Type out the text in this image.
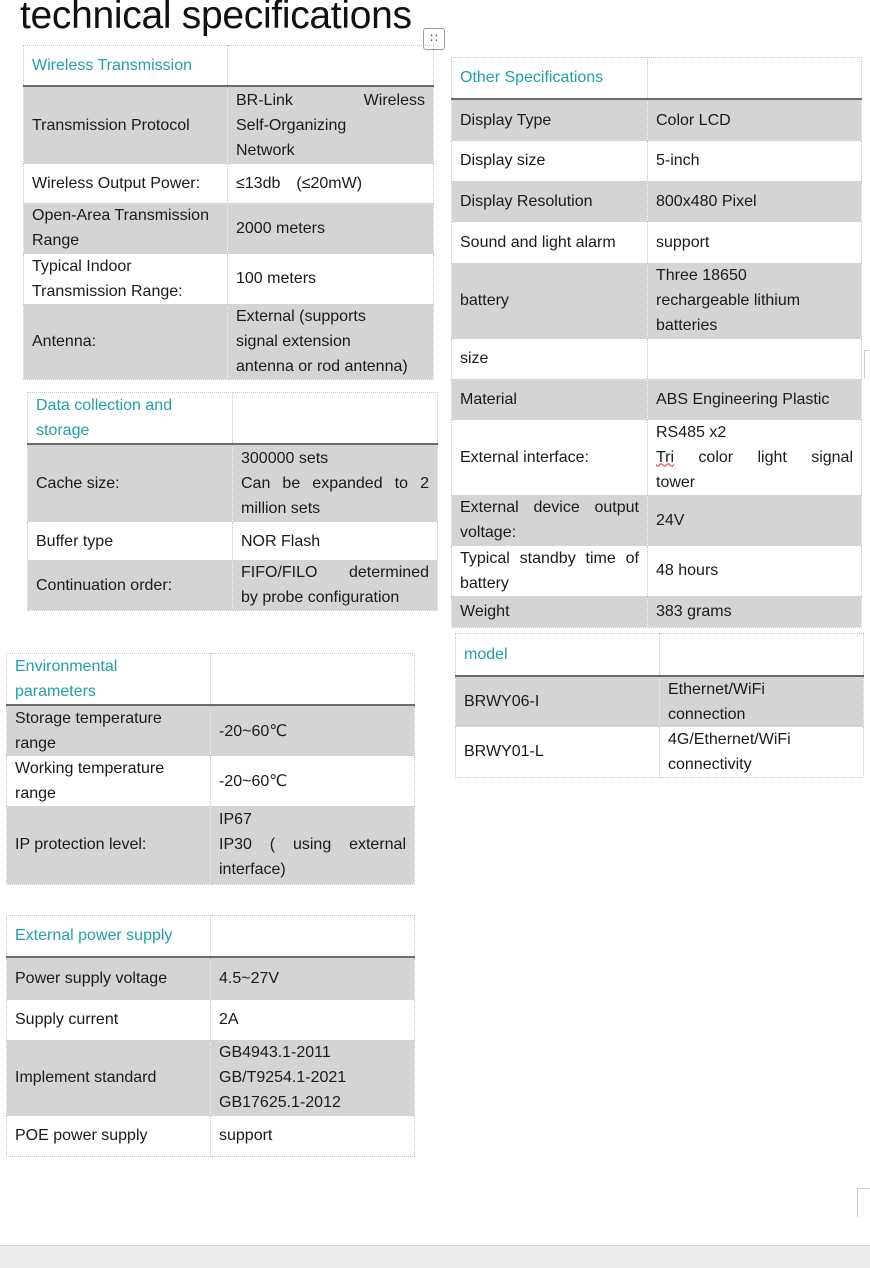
technical specifications
∷
Wireless Transmission	
Transmission Protocol	BR-Link Wireless
Self-Organizing
Network

Wireless Output Power:	≤13db　(≤20mW)

Open-Area Transmission Range	2000 meters

Typical Indoor Transmission Range:	100 meters

Antenna:	External (supports
signal extension
antenna or rod antenna)
Data collection and storage	
Cache size:	300000 sets
Can be expanded to 2
million sets

Buffer type	NOR Flash

Continuation order:	FIFO/FILO determined
by probe configuration
Environmental parameters	
Storage temperature range	-20~60℃

Working temperature range	-20~60℃

IP protection level:	IP67
IP30 ( using external
interface)
External power supply	
Power supply voltage	4.5~27V

Supply current	2A

Implement standard	GB4943.1-2011
GB/T9254.1-2021
GB17625.1-2012

POE power supply	support
Other Specifications	
Display Type	Color LCD

Display size	5-inch

Display Resolution	800x480 Pixel

Sound and light alarm	support

battery	Three 18650
rechargeable lithium
batteries

size	

Material	ABS Engineering Plastic

External interface:	RS485 x2
Tri color light signal
tower

External device output voltage:	24V

Typical standby time of battery	48 hours

Weight	383 grams
model	
BRWY06-I	Ethernet/WiFi
connection

BRWY01-L	4G/Ethernet/WiFi
connectivity
